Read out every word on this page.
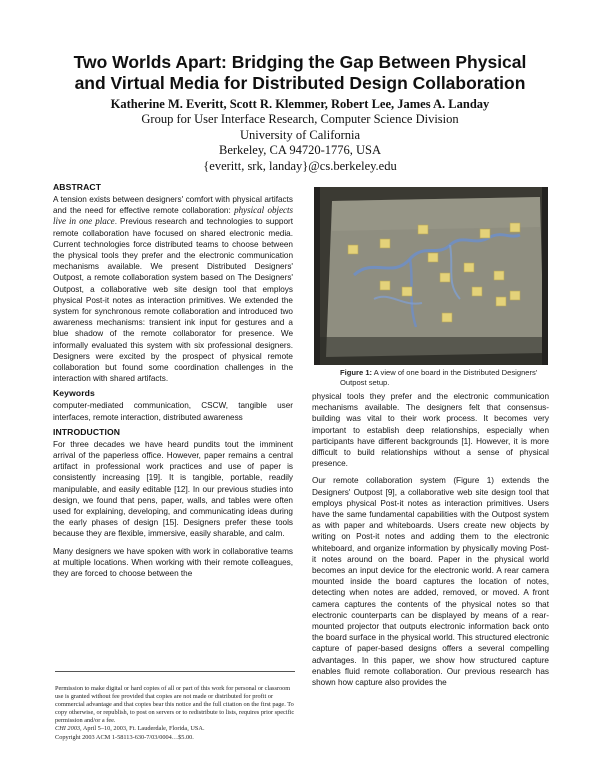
Two Worlds Apart: Bridging the Gap Between Physical
and Virtual Media for Distributed Design Collaboration
Katherine M. Everitt, Scott R. Klemmer, Robert Lee, James A. Landay
Group for User Interface Research, Computer Science Division
University of California
Berkeley, CA 94720-1776, USA
{everitt, srk, landay}@cs.berkeley.edu
ABSTRACT

A tension exists between designers' comfort with physical artifacts and the need for effective remote collaboration: physical objects live in one place. Previous research and technologies to support remote collaboration have focused on shared electronic media. Current technologies force distributed teams to choose between the physical tools they prefer and the electronic communication mechanisms available. We present Distributed Designers' Outpost, a remote collaboration system based on The Designers' Outpost, a collaborative web site design tool that employs physical Post-it notes as interaction primitives. We extended the system for synchronous remote collaboration and introduced two awareness mechanisms: transient ink input for gestures and a blue shadow of the remote collaborator for presence. We informally evaluated this system with six professional designers. Designers were excited by the prospect of physical remote collaboration but found some coordination challenges in the interaction with shared artifacts.

Keywords

computer-mediated communication, CSCW, tangible user interfaces, remote interaction, distributed awareness

INTRODUCTION

For three decades we have heard pundits tout the imminent arrival of the paperless office. However, paper remains a central artifact in professional work practices and use of paper is consistently increasing [19]. It is tangible, portable, readily manipulable, and easily editable [12]. In our previous studies into design, we found that pens, paper, walls, and tables were often used for explaining, developing, and communicating ideas during the early phases of design [15]. Designers prefer these tools because they are flexible, immersive, easily sharable, and calm.

Many designers we have spoken with work in collaborative teams at multiple locations. When working with their remote colleagues, they are forced to choose between the

Permission to make digital or hard copies of all or part of this work for personal or classroom use is granted without fee provided that copies are not made or distributed for profit or commercial advantage and that copies bear this notice and the full citation on the first page. To copy otherwise, or republish, to post on servers or to redistribute to lists, requires prior specific permission and/or a fee.
CHI 2003, April 5–10, 2003, Ft. Lauderdale, Florida, USA.
Copyright 2003 ACM 1-58113-630-7/03/0004…$5.00.
Figure 1: A view of one board in the Distributed Designers' Outpost setup.

physical tools they prefer and the electronic communication mechanisms available. The designers felt that consensus-building was vital to their work process. It becomes very important to establish deep relationships, especially when participants have different backgrounds [1]. However, it is more difficult to build relationships without a sense of physical presence.

Our remote collaboration system (Figure 1) extends the Designers' Outpost [9], a collaborative web site design tool that employs physical Post-it notes as interaction primitives. Users have the same fundamental capabilities with the Outpost system as with paper and whiteboards. Users create new objects by writing on Post-it notes and adding them to the electronic whiteboard, and organize information by physically moving Post-it notes around on the board. Paper in the physical world becomes an input device for the electronic world. A rear camera mounted inside the board captures the location of notes, detecting when notes are added, removed, or moved. A front camera captures the contents of the physical notes so that electronic counterparts can be displayed by means of a rear-mounted projector that outputs electronic information back onto the board surface in the physical world. This structured electronic capture of paper-based designs offers a several compelling advantages. In this paper, we show how structured capture enables fluid remote collaboration. Our previous research has shown how capture also provides the
